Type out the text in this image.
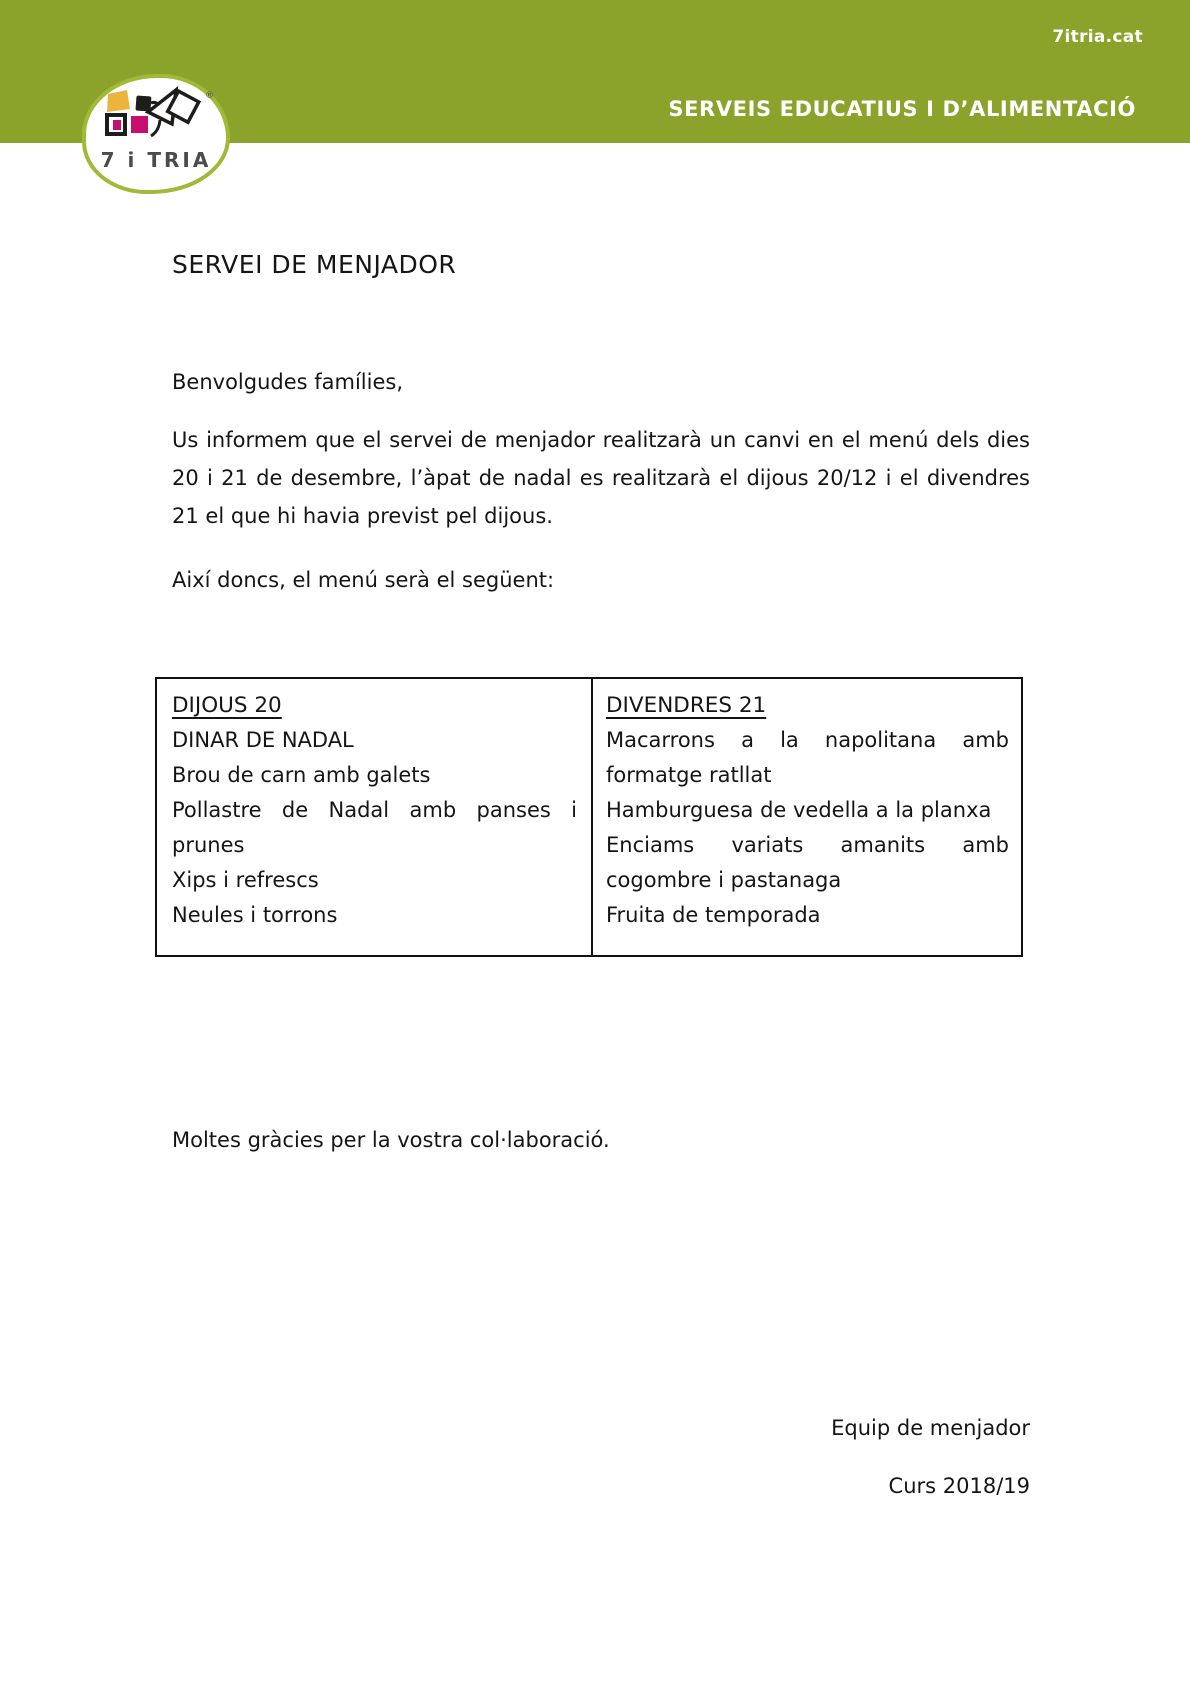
7itria.cat
SERVEIS EDUCATIUS I D’ALIMENTACIÓ
®
7 i TRIA
SERVEI DE MENJADOR
Benvolgudes famílies,
Us informem que el servei de menjador realitzarà un canvi en el menú dels dies 20 i 21 de desembre, l’àpat de nadal es realitzarà el dijous 20/12 i el divendres 21 el que hi havia previst pel dijous.
Així doncs, el menú serà el següent:
DIJOUS 20
DINAR DE NADAL
Brou de carn amb galets
Pollastre de Nadal amb panses i prunes
Xips i refrescs
Neules i torrons
DIVENDRES 21
Macarrons a la napolitana amb formatge ratllat
Hamburguesa de vedella a la planxa
Enciams variats amanits amb cogombre i pastanaga
Fruita de temporada
Moltes gràcies per la vostra col·laboració.
Equip de menjador
Curs 2018/19
